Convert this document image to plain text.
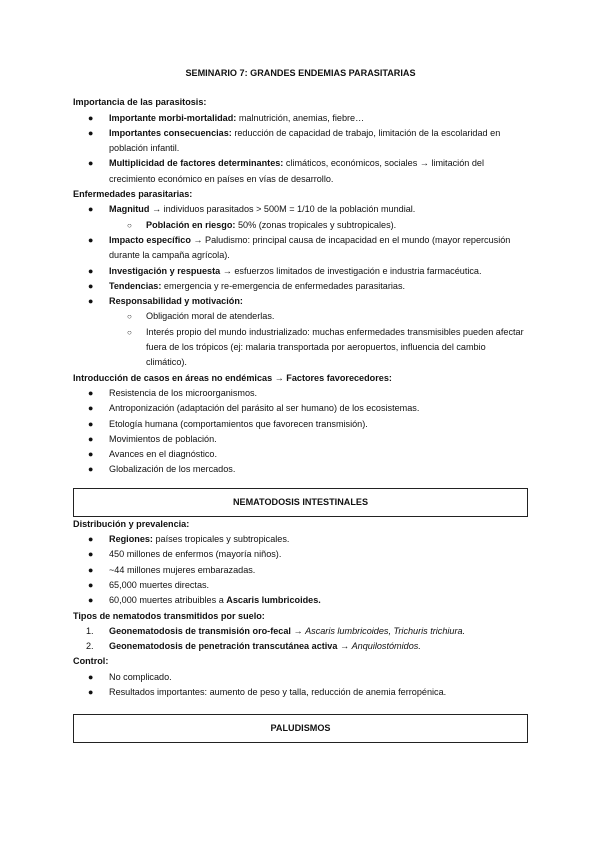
SEMINARIO 7: GRANDES ENDEMIAS PARASITARIAS
Importancia de las parasitosis:
● Importante morbi-mortalidad: malnutrición, anemias, fiebre…
● Importantes consecuencias: reducción de capacidad de trabajo, limitación de la escolaridad en población infantil.
● Multiplicidad de factores determinantes: climáticos, económicos, sociales → limitación del crecimiento económico en países en vías de desarrollo.
Enfermedades parasitarias:
● Magnitud → individuos parasitados > 500M = 1/10 de la población mundial.
○ Población en riesgo: 50% (zonas tropicales y subtropicales).
● Impacto específico → Paludismo: principal causa de incapacidad en el mundo (mayor repercusión durante la campaña agrícola).
● Investigación y respuesta → esfuerzos limitados de investigación e industria farmacéutica.
● Tendencias: emergencia y re-emergencia de enfermedades parasitarias.
● Responsabilidad y motivación:
○ Obligación moral de atenderlas.
○ Interés propio del mundo industrializado: muchas enfermedades transmisibles pueden afectar fuera de los trópicos (ej: malaria transportada por aeropuertos, influencia del cambio climático).
Introducción de casos en áreas no endémicas → Factores favorecedores:
● Resistencia de los microorganismos.
● Antroponización (adaptación del parásito al ser humano) de los ecosistemas.
● Etología humana (comportamientos que favorecen transmisión).
● Movimientos de población.
● Avances en el diagnóstico.
● Globalización de los mercados.
NEMATODOSIS INTESTINALES
Distribución y prevalencia:
● Regiones: países tropicales y subtropicales.
● 450 millones de enfermos (mayoría niños).
● ~44 millones mujeres embarazadas.
● 65,000 muertes directas.
● 60,000 muertes atribuibles a Ascaris lumbricoides.
Tipos de nematodos transmitidos por suelo:
1. Geonematodosis de transmisión oro-fecal → Ascaris lumbricoides, Trichuris trichiura.
2. Geonematodosis de penetración transcutánea activa → Anquilostómidos.
Control:
● No complicado.
● Resultados importantes: aumento de peso y talla, reducción de anemia ferropénica.
PALUDISMOS
